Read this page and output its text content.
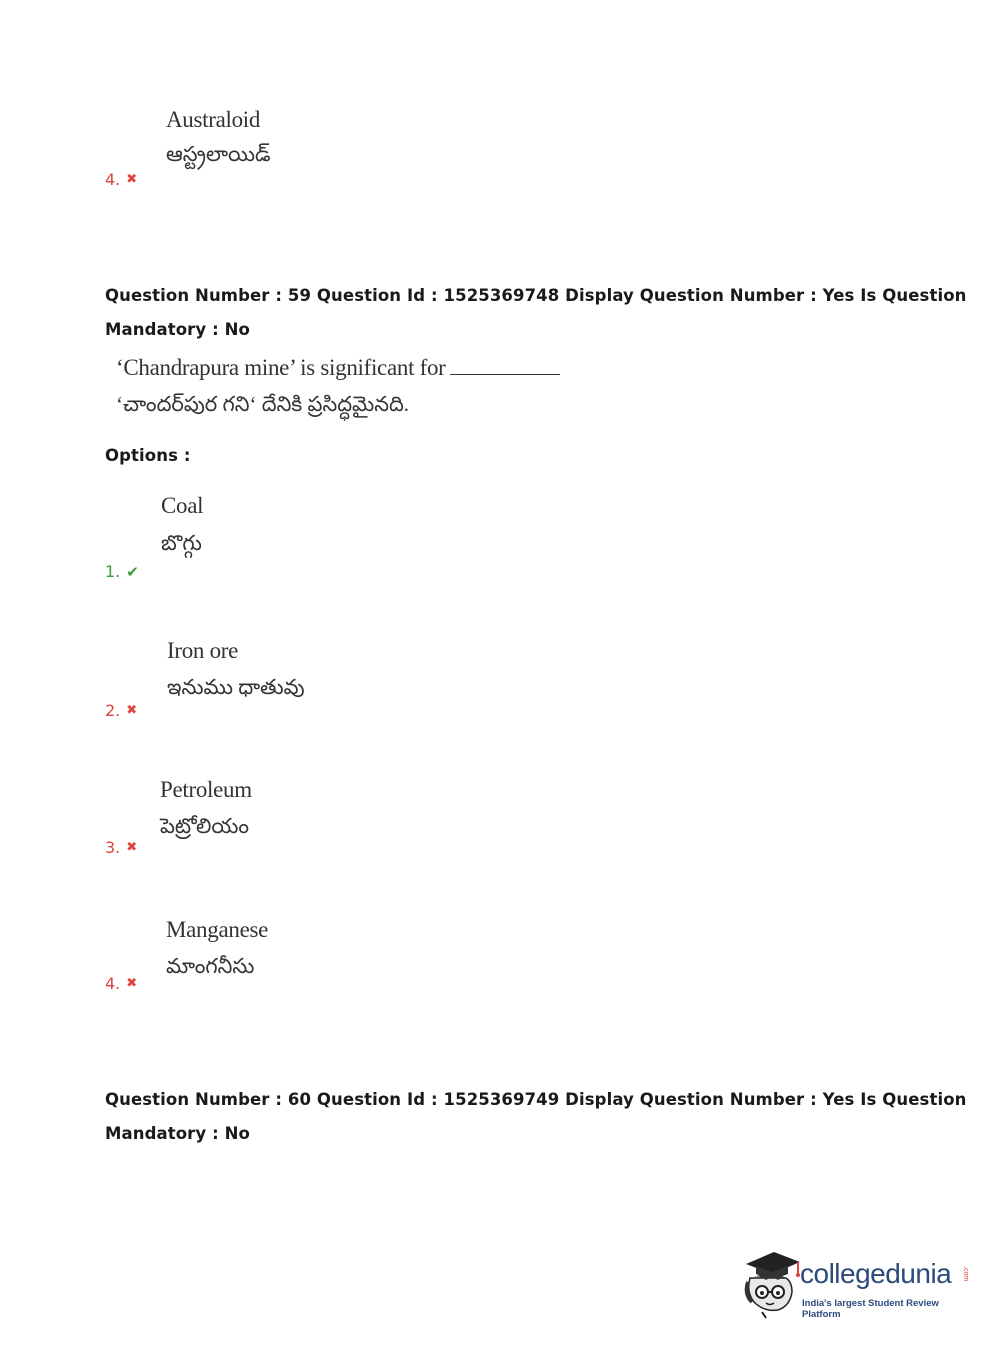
Australoid
ఆస్ట్రలాయిడ్
4. ✖
Question Number : 59 Question Id : 1525369748 Display Question Number : Yes Is Question
Mandatory : No
‘Chandrapura mine’ is significant for
‘చాందర్‌పుర గని‘ దేనికి ప్రసిద్ధమైనది.
Options :
Coal
బొగ్గు
1. ✔
Iron ore
ఇనుము ధాతువు
2. ✖
Petroleum
పెట్రోలియం
3. ✖
Manganese
మాంగనీసు
4. ✖
Question Number : 60 Question Id : 1525369749 Display Question Number : Yes Is Question
Mandatory : No
collegedunia .com
India's largest Student Review Platform
